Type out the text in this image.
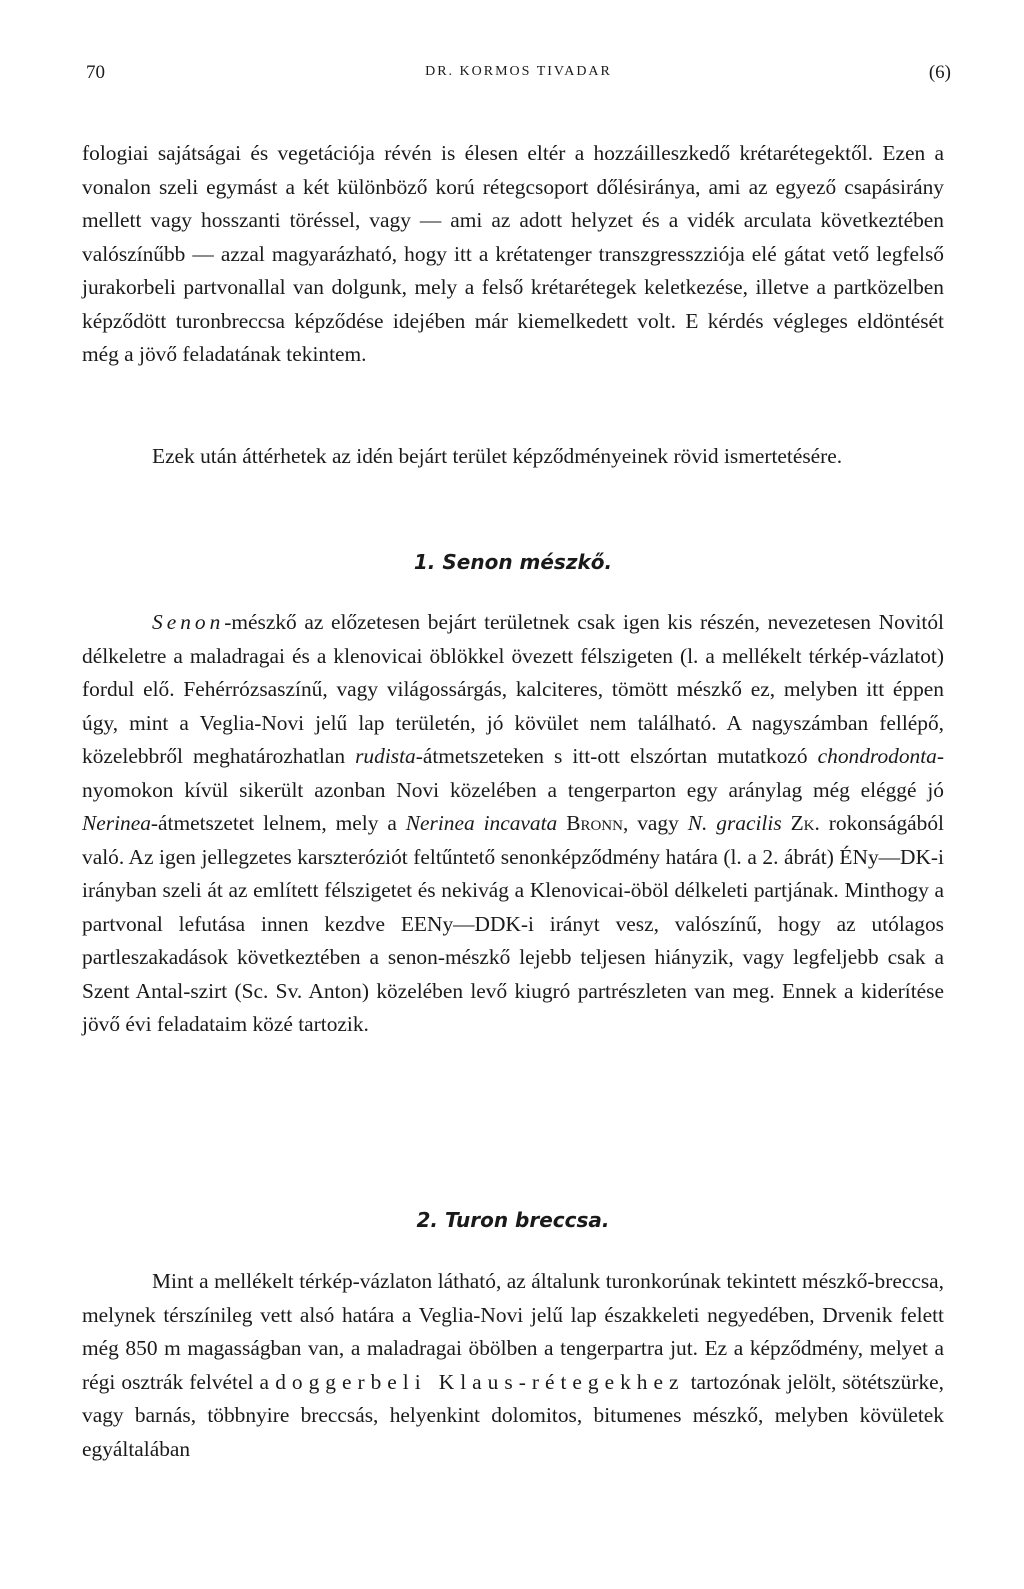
70	DR. KORMOS TIVADAR	(6)

fologiai sajátságai és vegetációja révén is élesen eltér a hozzáilleszkedő krétarétegektől. Ezen a vonalon szeli egymást a két különböző korú rétegcsoport dőlésiránya, ami az egyező csapásirány mellett vagy hosszanti töréssel, vagy — ami az adott helyzet és a vidék arculata következtében valószínűbb — azzal magyarázható, hogy itt a krétatenger transzgresszziója elé gátat vető legfelső jurakorbeli partvonallal van dolgunk, mely a felső krétarétegek keletkezése, illetve a partközelben képződött turonbreccsa képződése idejében már kiemelkedett volt. E kérdés végleges eldöntését még a jövő feladatának tekintem.

Ezek után áttérhetek az idén bejárt terület képződményeinek rövid ismertetésére.

1. Senon mészkő.

Senon-mészkő az előzetesen bejárt területnek csak igen kis részén, nevezetesen Novitól délkeletre a maladragai és a klenovicai öblökkel övezett félszigeten (l. a mellékelt térkép-vázlatot) fordul elő. Fehérrózsaszínű, vagy világossárgás, kalciteres, tömött mészkő ez, melyben itt éppen úgy, mint a Veglia-Novi jelű lap területén, jó kövület nem található. A nagyszámban fellépő, közelebbről meghatározhatlan rudista-átmetszeteken s itt-ott elszórtan mutatkozó chondrodonta-nyomokon kívül sikerült azonban Novi közelében a tengerparton egy aránylag még eléggé jó Nerinea-átmetszetet lelnem, mely a Nerinea incavata Bronn, vagy N. gracilis Zk. rokonságából való. Az igen jellegzetes karszteróziót feltűntető senonképződmény határa (l. a 2. ábrát) ÉNy—DK-i irányban szeli át az említett félszigetet és nekivág a Klenovicai-öböl délkeleti partjának. Minthogy a partvonal lefutása innen kezdve EENy—DDK-i irányt vesz, valószínű, hogy az utólagos partleszakadások következtében a senon-mészkő lejebb teljesen hiányzik, vagy legfeljebb csak a Szent Antal-szirt (Sc. Sv. Anton) közelében levő kiugró partrészleten van meg. Ennek a kiderítése jövő évi feladataim közé tartozik.

2. Turon breccsa.

Mint a mellékelt térkép-vázlaton látható, az általunk turonkorúnak tekintett mészkő-breccsa, melynek térszínileg vett alsó határa a Veglia-Novi jelű lap északkeleti negyedében, Drvenik felett még 850 m magasságban van, a maladragai öbölben a tengerpartra jut. Ez a képződmény, melyet a régi osztrák felvétel a doggerbeli Klaus-rétegekhez tartozónak jelölt, sötétszürke, vagy barnás, többnyire breccsás, helyenkint dolomitos, bitumenes mészkő, melyben kövületek egyáltalában
